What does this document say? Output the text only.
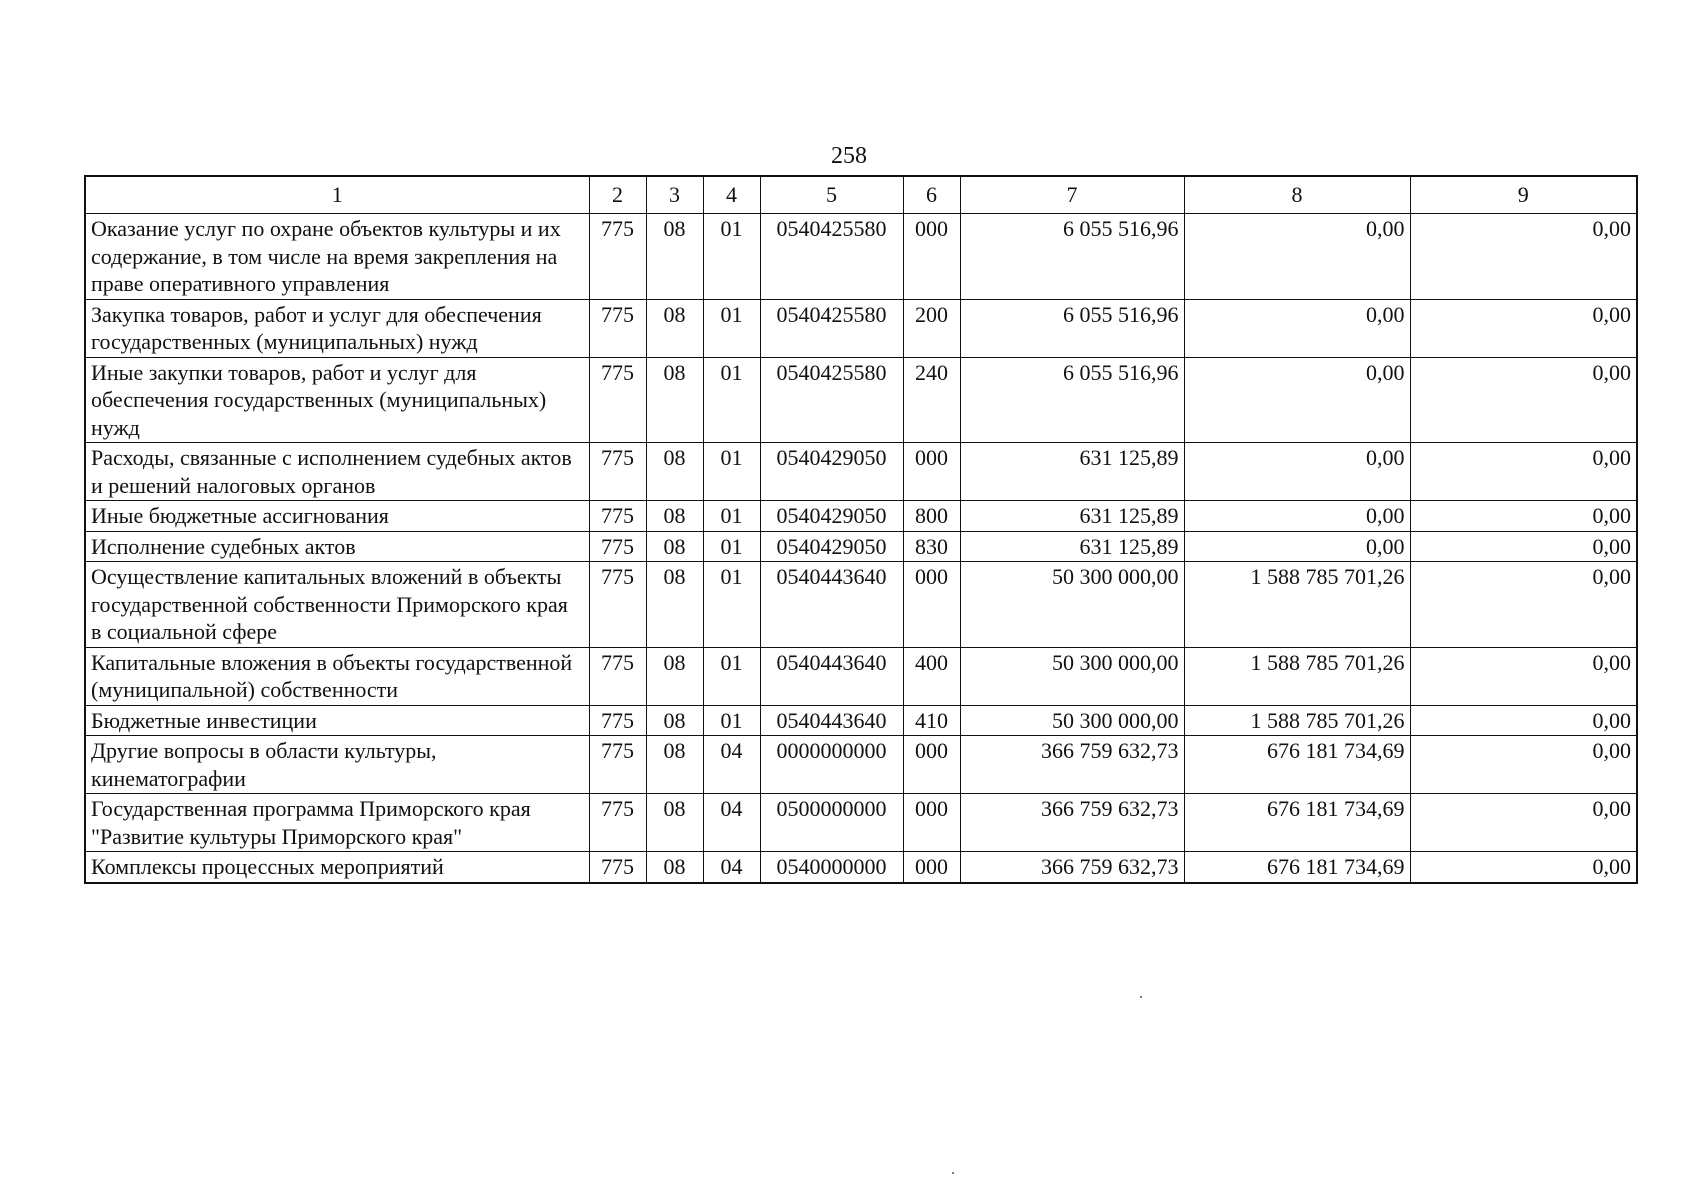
258
1	2	3	4	5	6	7	8	9
Оказание услуг по охране объектов культуры и их содержание, в том числе на время закрепления на праве оперативного управления	775	08	01	0540425580	000	6 055 516,96	0,00	0,00
Закупка товаров, работ и услуг для обеспечения государственных (муниципальных) нужд	775	08	01	0540425580	200	6 055 516,96	0,00	0,00
Иные закупки товаров, работ и услуг для обеспечения государственных (муниципальных) нужд	775	08	01	0540425580	240	6 055 516,96	0,00	0,00
Расходы, связанные с исполнением судебных актов и решений налоговых органов	775	08	01	0540429050	000	631 125,89	0,00	0,00
Иные бюджетные ассигнования	775	08	01	0540429050	800	631 125,89	0,00	0,00
Исполнение судебных актов	775	08	01	0540429050	830	631 125,89	0,00	0,00
Осуществление капитальных вложений в объекты государственной собственности Приморского края в социальной сфере	775	08	01	0540443640	000	50 300 000,00	1 588 785 701,26	0,00
Капитальные вложения в объекты государственной (муниципальной) собственности	775	08	01	0540443640	400	50 300 000,00	1 588 785 701,26	0,00
Бюджетные инвестиции	775	08	01	0540443640	410	50 300 000,00	1 588 785 701,26	0,00
Другие вопросы в области культуры, кинематографии	775	08	04	0000000000	000	366 759 632,73	676 181 734,69	0,00
Государственная программа Приморского края "Развитие культуры Приморского края"	775	08	04	0500000000	000	366 759 632,73	676 181 734,69	0,00
Комплексы процессных мероприятий	775	08	04	0540000000	000	366 759 632,73	676 181 734,69	0,00
